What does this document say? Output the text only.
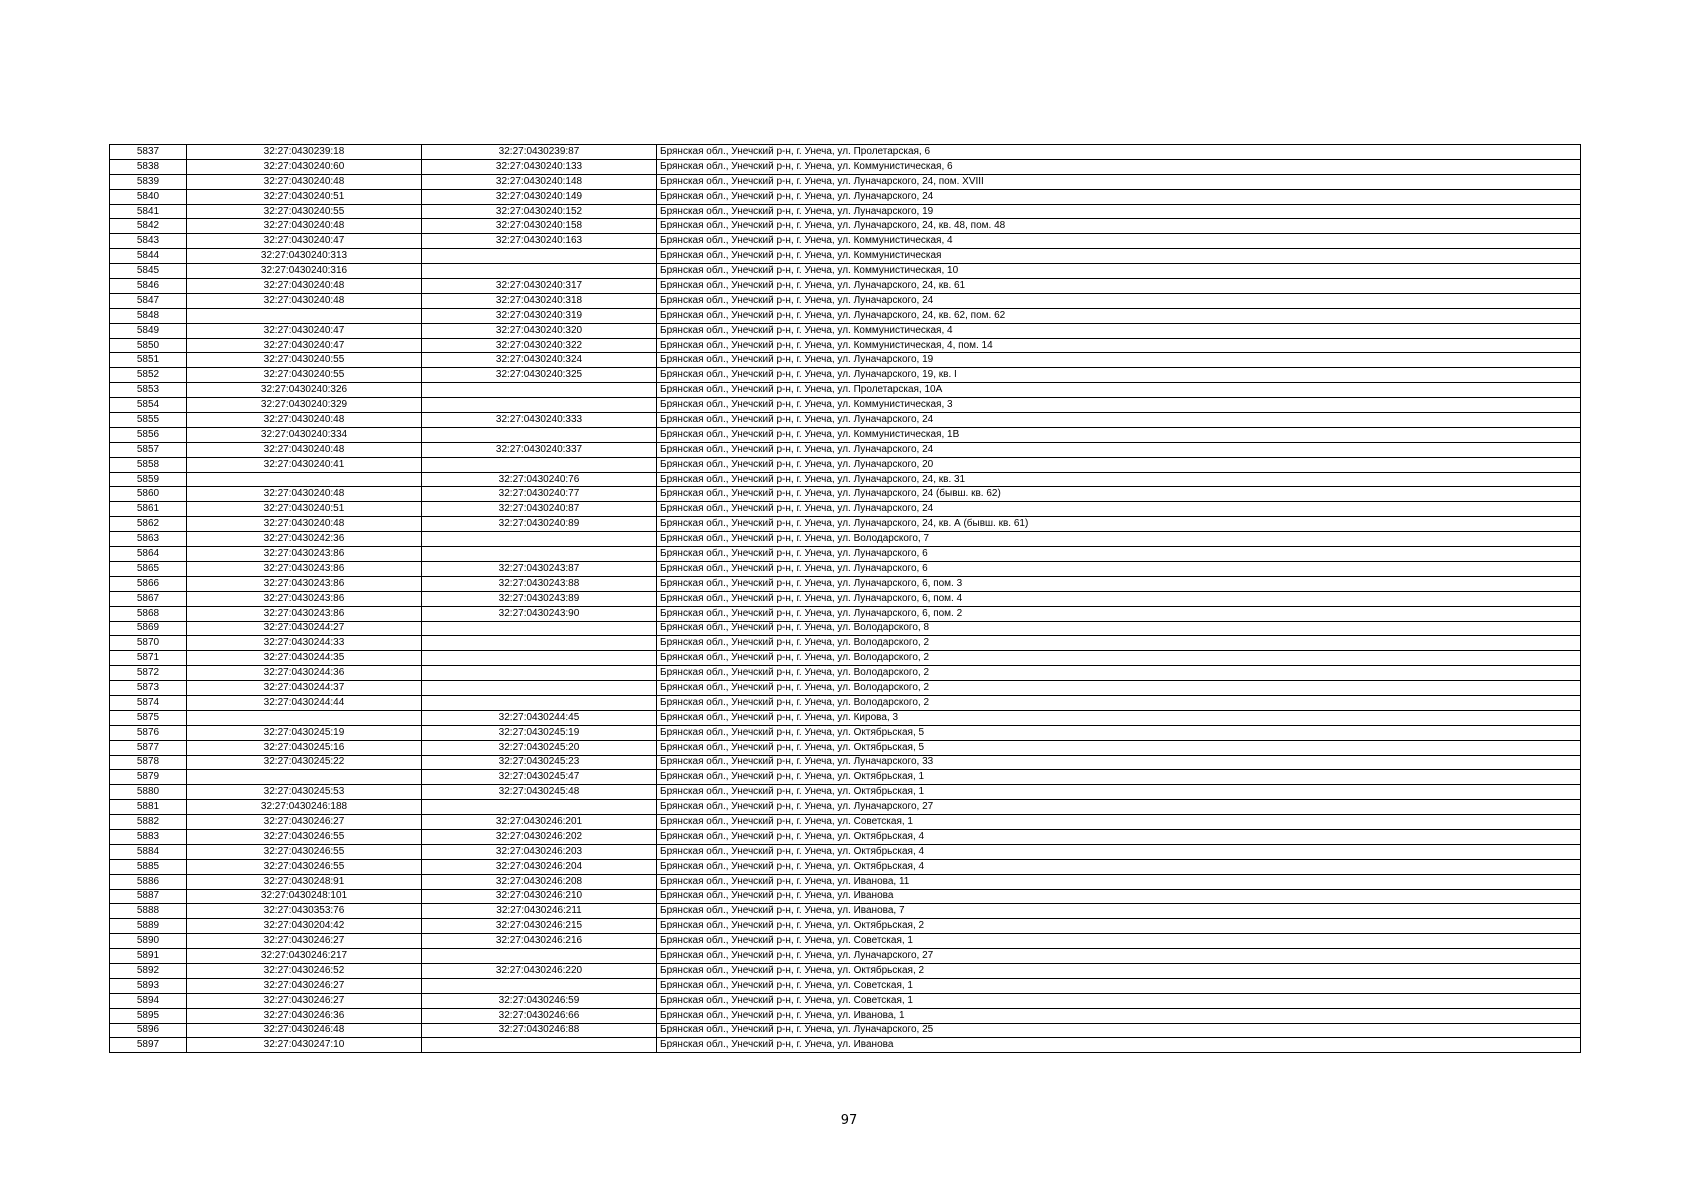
5837	32:27:0430239:18	32:27:0430239:87	Брянская обл., Унечский р-н, г. Унеча, ул. Пролетарская, 6
5838	32:27:0430240:60	32:27:0430240:133	Брянская обл., Унечский р-н, г. Унеча, ул. Коммунистическая, 6
5839	32:27:0430240:48	32:27:0430240:148	Брянская обл., Унечский р-н, г. Унеча, ул. Луначарского, 24, пом. XVIII
5840	32:27:0430240:51	32:27:0430240:149	Брянская обл., Унечский р-н, г. Унеча, ул. Луначарского, 24
5841	32:27:0430240:55	32:27:0430240:152	Брянская обл., Унечский р-н, г. Унеча, ул. Луначарского, 19
5842	32:27:0430240:48	32:27:0430240:158	Брянская обл., Унечский р-н, г. Унеча, ул. Луначарского, 24, кв. 48, пом. 48
5843	32:27:0430240:47	32:27:0430240:163	Брянская обл., Унечский р-н, г. Унеча, ул. Коммунистическая, 4
5844	32:27:0430240:313		Брянская обл., Унечский р-н, г. Унеча, ул. Коммунистическая
5845	32:27:0430240:316		Брянская обл., Унечский р-н, г. Унеча, ул. Коммунистическая, 10
5846	32:27:0430240:48	32:27:0430240:317	Брянская обл., Унечский р-н, г. Унеча, ул. Луначарского, 24, кв. 61
5847	32:27:0430240:48	32:27:0430240:318	Брянская обл., Унечский р-н, г. Унеча, ул. Луначарского, 24
5848		32:27:0430240:319	Брянская обл., Унечский р-н, г. Унеча, ул. Луначарского, 24, кв. 62, пом. 62
5849	32:27:0430240:47	32:27:0430240:320	Брянская обл., Унечский р-н, г. Унеча, ул. Коммунистическая, 4
5850	32:27:0430240:47	32:27:0430240:322	Брянская обл., Унечский р-н, г. Унеча, ул. Коммунистическая, 4, пом. 14
5851	32:27:0430240:55	32:27:0430240:324	Брянская обл., Унечский р-н, г. Унеча, ул. Луначарского, 19
5852	32:27:0430240:55	32:27:0430240:325	Брянская обл., Унечский р-н, г. Унеча, ул. Луначарского, 19, кв. I
5853	32:27:0430240:326		Брянская обл., Унечский р-н, г. Унеча, ул. Пролетарская, 10А
5854	32:27:0430240:329		Брянская обл., Унечский р-н, г. Унеча, ул. Коммунистическая, 3
5855	32:27:0430240:48	32:27:0430240:333	Брянская обл., Унечский р-н, г. Унеча, ул. Луначарского, 24
5856	32:27:0430240:334		Брянская обл., Унечский р-н, г. Унеча, ул. Коммунистическая, 1В
5857	32:27:0430240:48	32:27:0430240:337	Брянская обл., Унечский р-н, г. Унеча, ул. Луначарского, 24
5858	32:27:0430240:41		Брянская обл., Унечский р-н, г. Унеча, ул. Луначарского, 20
5859		32:27:0430240:76	Брянская обл., Унечский р-н, г. Унеча, ул. Луначарского, 24, кв. 31
5860	32:27:0430240:48	32:27:0430240:77	Брянская обл., Унечский р-н, г. Унеча, ул. Луначарского, 24 (бывш. кв. 62)
5861	32:27:0430240:51	32:27:0430240:87	Брянская обл., Унечский р-н, г. Унеча, ул. Луначарского, 24
5862	32:27:0430240:48	32:27:0430240:89	Брянская обл., Унечский р-н, г. Унеча, ул. Луначарского, 24, кв. А (бывш. кв. 61)
5863	32:27:0430242:36		Брянская обл., Унечский р-н, г. Унеча, ул. Володарского, 7
5864	32:27:0430243:86		Брянская обл., Унечский р-н, г. Унеча, ул. Луначарского, 6
5865	32:27:0430243:86	32:27:0430243:87	Брянская обл., Унечский р-н, г. Унеча, ул. Луначарского, 6
5866	32:27:0430243:86	32:27:0430243:88	Брянская обл., Унечский р-н, г. Унеча, ул. Луначарского, 6, пом. 3
5867	32:27:0430243:86	32:27:0430243:89	Брянская обл., Унечский р-н, г. Унеча, ул. Луначарского, 6, пом. 4
5868	32:27:0430243:86	32:27:0430243:90	Брянская обл., Унечский р-н, г. Унеча, ул. Луначарского, 6, пом. 2
5869	32:27:0430244:27		Брянская обл., Унечский р-н, г. Унеча, ул. Володарского, 8
5870	32:27:0430244:33		Брянская обл., Унечский р-н, г. Унеча, ул. Володарского, 2
5871	32:27:0430244:35		Брянская обл., Унечский р-н, г. Унеча, ул. Володарского, 2
5872	32:27:0430244:36		Брянская обл., Унечский р-н, г. Унеча, ул. Володарского, 2
5873	32:27:0430244:37		Брянская обл., Унечский р-н, г. Унеча, ул. Володарского, 2
5874	32:27:0430244:44		Брянская обл., Унечский р-н, г. Унеча, ул. Володарского, 2
5875		32:27:0430244:45	Брянская обл., Унечский р-н, г. Унеча, ул. Кирова, 3
5876	32:27:0430245:19	32:27:0430245:19	Брянская обл., Унечский р-н, г. Унеча, ул. Октябрьская, 5
5877	32:27:0430245:16	32:27:0430245:20	Брянская обл., Унечский р-н, г. Унеча, ул. Октябрьская, 5
5878	32:27:0430245:22	32:27:0430245:23	Брянская обл., Унечский р-н, г. Унеча, ул. Луначарского, 33
5879		32:27:0430245:47	Брянская обл., Унечский р-н, г. Унеча, ул. Октябрьская, 1
5880	32:27:0430245:53	32:27:0430245:48	Брянская обл., Унечский р-н, г. Унеча, ул. Октябрьская, 1
5881	32:27:0430246:188		Брянская обл., Унечский р-н, г. Унеча, ул. Луначарского, 27
5882	32:27:0430246:27	32:27:0430246:201	Брянская обл., Унечский р-н, г. Унеча, ул. Советская, 1
5883	32:27:0430246:55	32:27:0430246:202	Брянская обл., Унечский р-н, г. Унеча, ул. Октябрьская, 4
5884	32:27:0430246:55	32:27:0430246:203	Брянская обл., Унечский р-н, г. Унеча, ул. Октябрьская, 4
5885	32:27:0430246:55	32:27:0430246:204	Брянская обл., Унечский р-н, г. Унеча, ул. Октябрьская, 4
5886	32:27:0430248:91	32:27:0430246:208	Брянская обл., Унечский р-н, г. Унеча, ул. Иванова, 11
5887	32:27:0430248:101	32:27:0430246:210	Брянская обл., Унечский р-н, г. Унеча, ул. Иванова
5888	32:27:0430353:76	32:27:0430246:211	Брянская обл., Унечский р-н, г. Унеча, ул. Иванова, 7
5889	32:27:0430204:42	32:27:0430246:215	Брянская обл., Унечский р-н, г. Унеча, ул. Октябрьская, 2
5890	32:27:0430246:27	32:27:0430246:216	Брянская обл., Унечский р-н, г. Унеча, ул. Советская, 1
5891	32:27:0430246:217		Брянская обл., Унечский р-н, г. Унеча, ул. Луначарского, 27
5892	32:27:0430246:52	32:27:0430246:220	Брянская обл., Унечский р-н, г. Унеча, ул. Октябрьская, 2
5893	32:27:0430246:27		Брянская обл., Унечский р-н, г. Унеча, ул. Советская, 1
5894	32:27:0430246:27	32:27:0430246:59	Брянская обл., Унечский р-н, г. Унеча, ул. Советская, 1
5895	32:27:0430246:36	32:27:0430246:66	Брянская обл., Унечский р-н, г. Унеча, ул. Иванова, 1
5896	32:27:0430246:48	32:27:0430246:88	Брянская обл., Унечский р-н, г. Унеча, ул. Луначарского, 25
5897	32:27:0430247:10		Брянская обл., Унечский р-н, г. Унеча, ул. Иванова
97
